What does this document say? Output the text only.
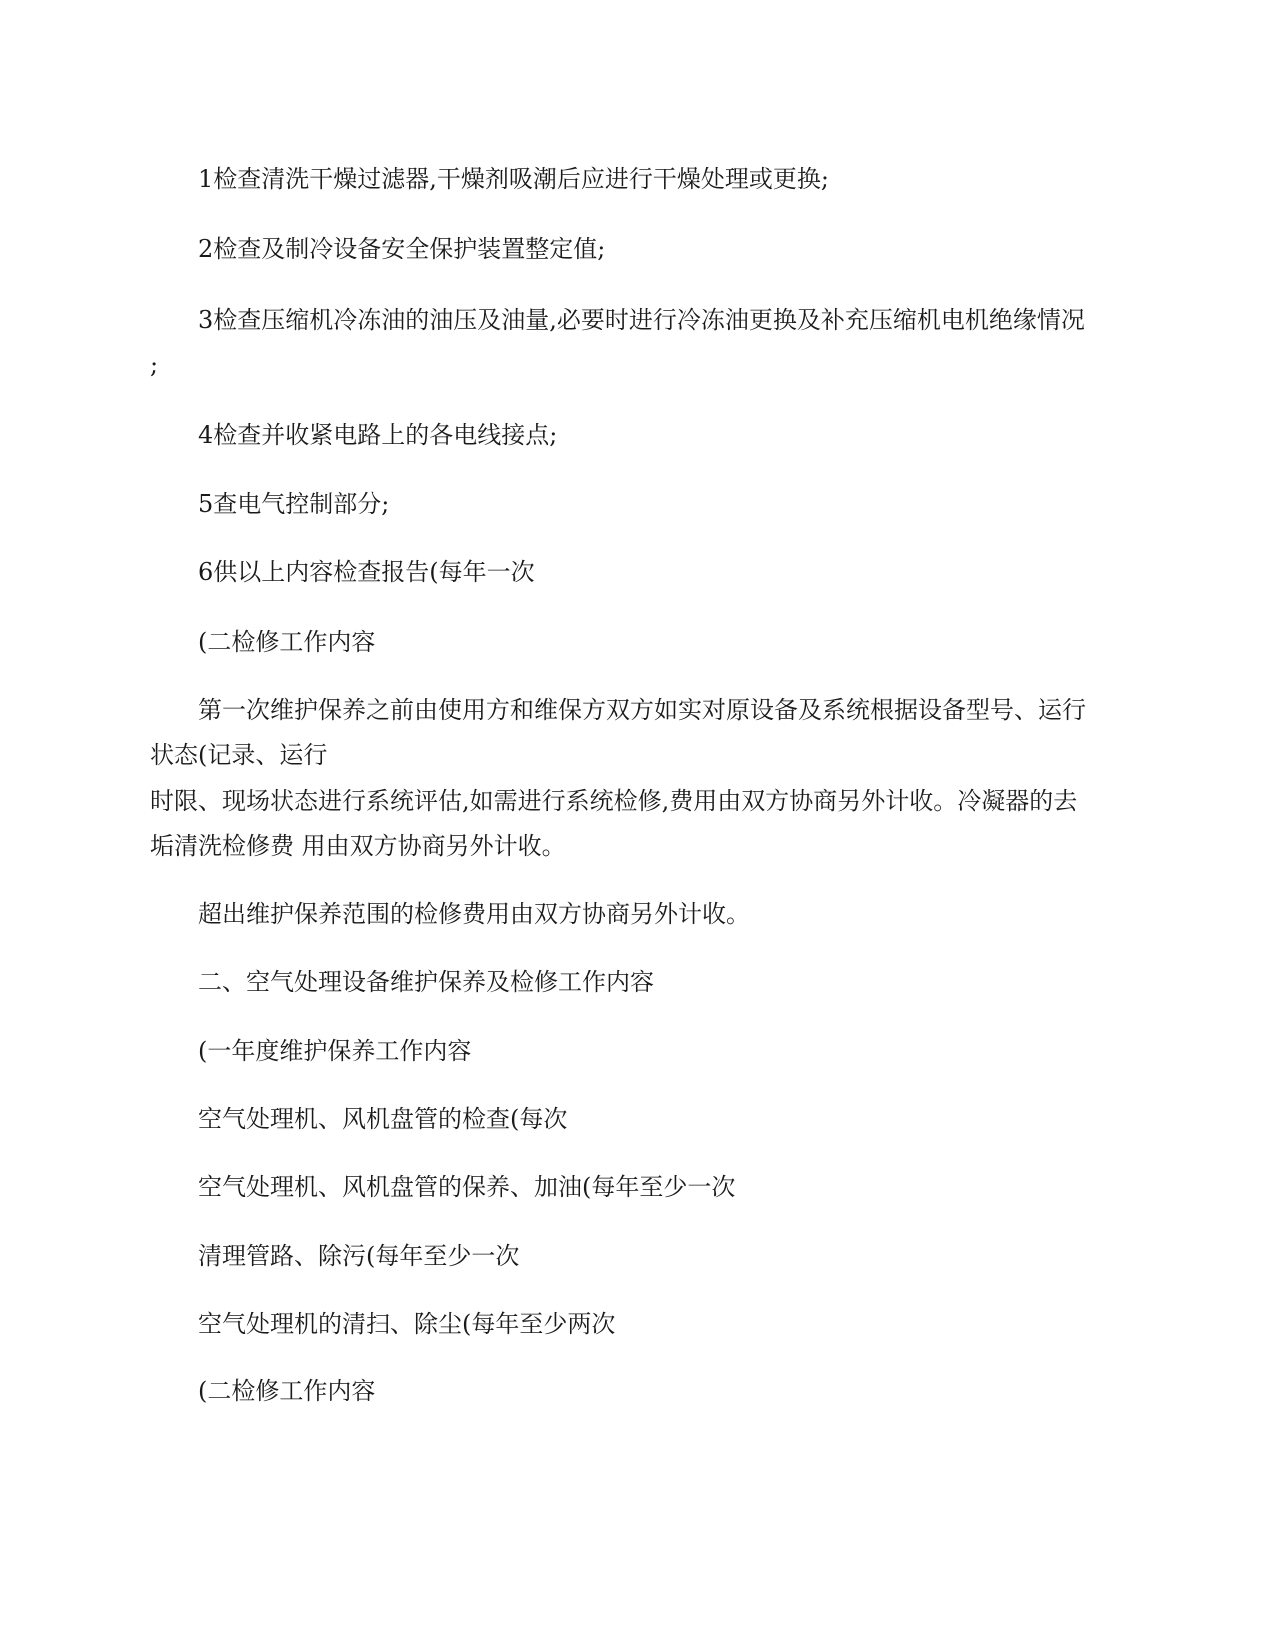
1检查清洗干燥过滤器,干燥剂吸潮后应进行干燥处理或更换;
2检查及制冷设备安全保护装置整定值;
3检查压缩机冷冻油的油压及油量,必要时进行冷冻油更换及补充压缩机电机绝缘情况
;
4检查并收紧电路上的各电线接点;
5查电气控制部分;
6供以上内容检查报告(每年一次
(二检修工作内容
第一次维护保养之前由使用方和维保方双方如实对原设备及系统根据设备型号、运行
状态(记录、运行
时限、现场状态进行系统评估,如需进行系统检修,费用由双方协商另外计收。冷凝器的去
垢清洗检修费 用由双方协商另外计收。
超出维护保养范围的检修费用由双方协商另外计收。
二、空气处理设备维护保养及检修工作内容
(一年度维护保养工作内容
空气处理机、风机盘管的检查(每次
空气处理机、风机盘管的保养、加油(每年至少一次
清理管路、除污(每年至少一次
空气处理机的清扫、除尘(每年至少两次
(二检修工作内容
